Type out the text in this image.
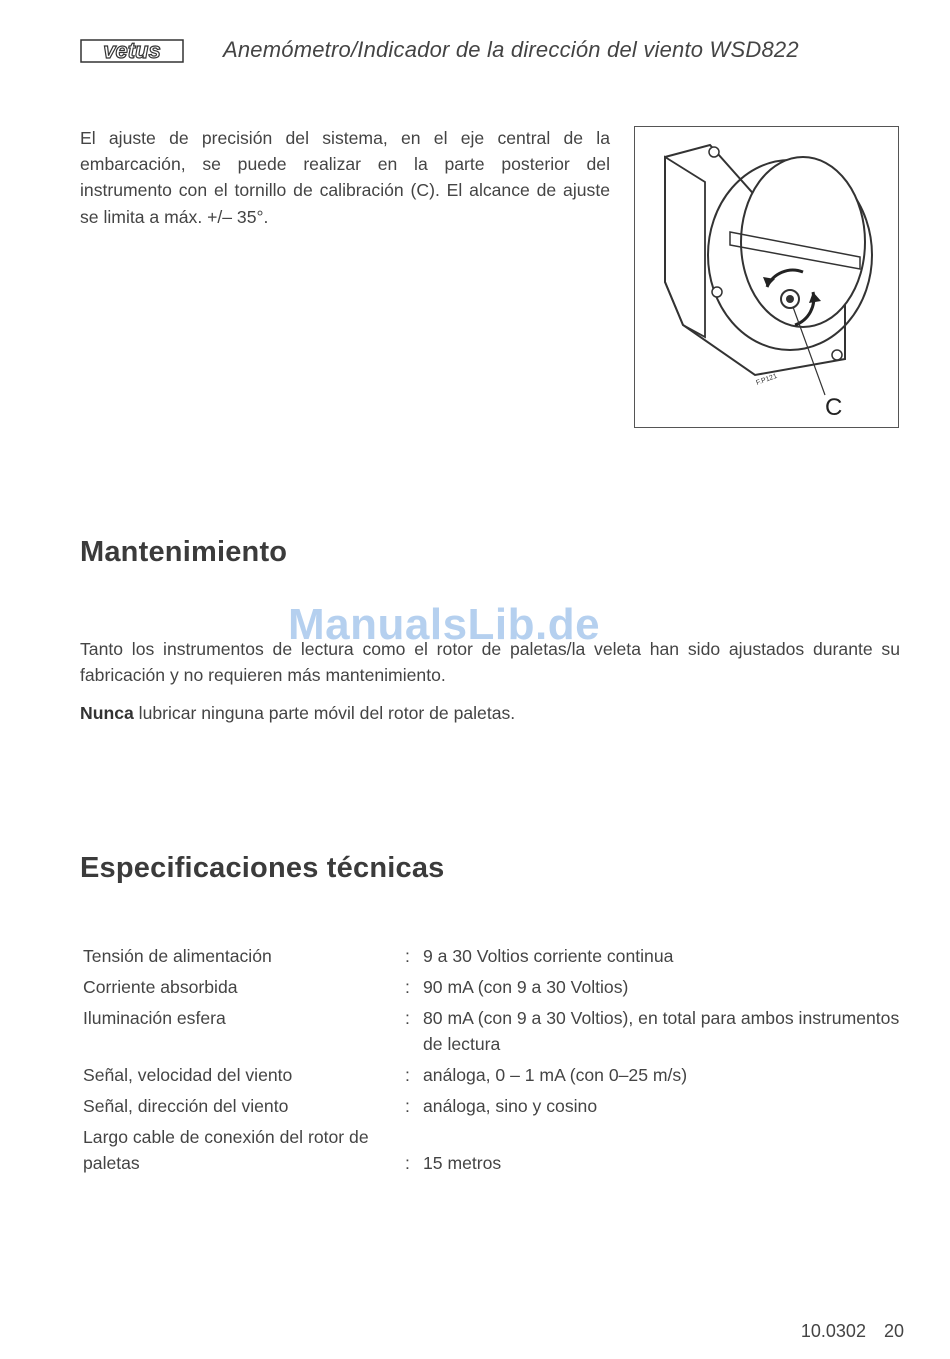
vetus	Anemómetro/Indicador de la dirección del viento WSD822

El ajuste de precisión del sistema, en el eje central de la embarcación, se puede realizar en la parte posterior del instrumento con el tornillo de calibración (C). El alcance de ajuste se limita a máx. +/– 35°.

F.P121
C
Mantenimiento

Tanto los instrumentos de lectura como el rotor de paletas/la veleta han sido ajustados durante su fabricación y no requieren más mantenimiento.

ManualsLib.de

Nunca lubricar ninguna parte móvil del rotor de paletas.

Especificaciones técnicas
Tensión de alimentación	: 9 a 30 Voltios corriente continua
Corriente absorbida	: 90 mA (con 9 a 30 Voltios)
Iluminación esfera	: 80 mA (con 9 a 30 Voltios), en total para ambos instrumentos de lectura
Señal, velocidad del viento	: análoga, 0 – 1 mA (con 0–25 m/s)
Señal, dirección del viento	: análoga, sino y cosino
Largo cable de conexión del rotor de paletas	: 15 metros
10.0302 20
